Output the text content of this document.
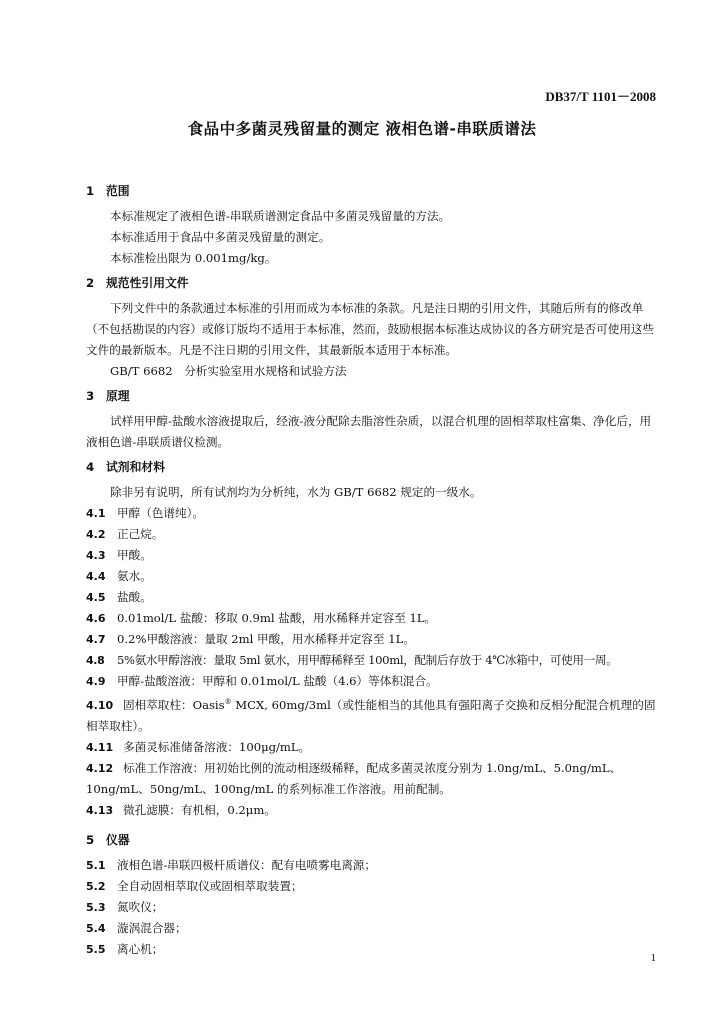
DB37/T 1101－2008
食品中多菌灵残留量的测定 液相色谱-串联质谱法
1 范围
本标准规定了液相色谱-串联质谱测定食品中多菌灵残留量的方法。
本标准适用于食品中多菌灵残留量的测定。
本标准检出限为 0.001mg/kg。
2 规范性引用文件
下列文件中的条款通过本标准的引用而成为本标准的条款。凡是注日期的引用文件，其随后所有的修改单（不包括勘误的内容）或修订版均不适用于本标准，然而，鼓励根据本标准达成协议的各方研究是否可使用这些文件的最新版本。凡是不注日期的引用文件，其最新版本适用于本标准。
GB/T 6682　分析实验室用水规格和试验方法
3 原理
试样用甲醇-盐酸水溶液提取后，经液-液分配除去脂溶性杂质，以混合机理的固相萃取柱富集、净化后，用液相色谱-串联质谱仪检测。
4 试剂和材料
除非另有说明，所有试剂均为分析纯，水为 GB/T 6682 规定的一级水。
4.1 甲醇（色谱纯）。
4.2 正己烷。
4.3 甲酸。
4.4 氨水。
4.5 盐酸。
4.6 0.01mol/L 盐酸：移取 0.9ml 盐酸，用水稀释并定容至 1L。
4.7 0.2%甲酸溶液：量取 2ml 甲酸，用水稀释并定容至 1L。
4.8 5%氨水甲醇溶液：量取 5ml 氨水，用甲醇稀释至 100ml，配制后存放于 4℃冰箱中，可使用一周。
4.9 甲醇-盐酸溶液：甲醇和 0.01mol/L 盐酸（4.6）等体积混合。
4.10 固相萃取柱：Oasis® MCX, 60mg/3ml（或性能相当的其他具有强阳离子交换和反相分配混合机理的固相萃取柱）。
4.11 多菌灵标准储备溶液：100μg/mL。
4.12 标准工作溶液：用初始比例的流动相逐级稀释，配成多菌灵浓度分别为 1.0ng/mL、5.0ng/mL、10ng/mL、50ng/mL、100ng/mL 的系列标准工作溶液。用前配制。
4.13 微孔滤膜：有机相，0.2μm。
5 仪器
5.1 液相色谱-串联四极杆质谱仪：配有电喷雾电离源；
5.2 全自动固相萃取仪或固相萃取装置；
5.3 氮吹仪；
5.4 漩涡混合器；
5.5 离心机；
1
